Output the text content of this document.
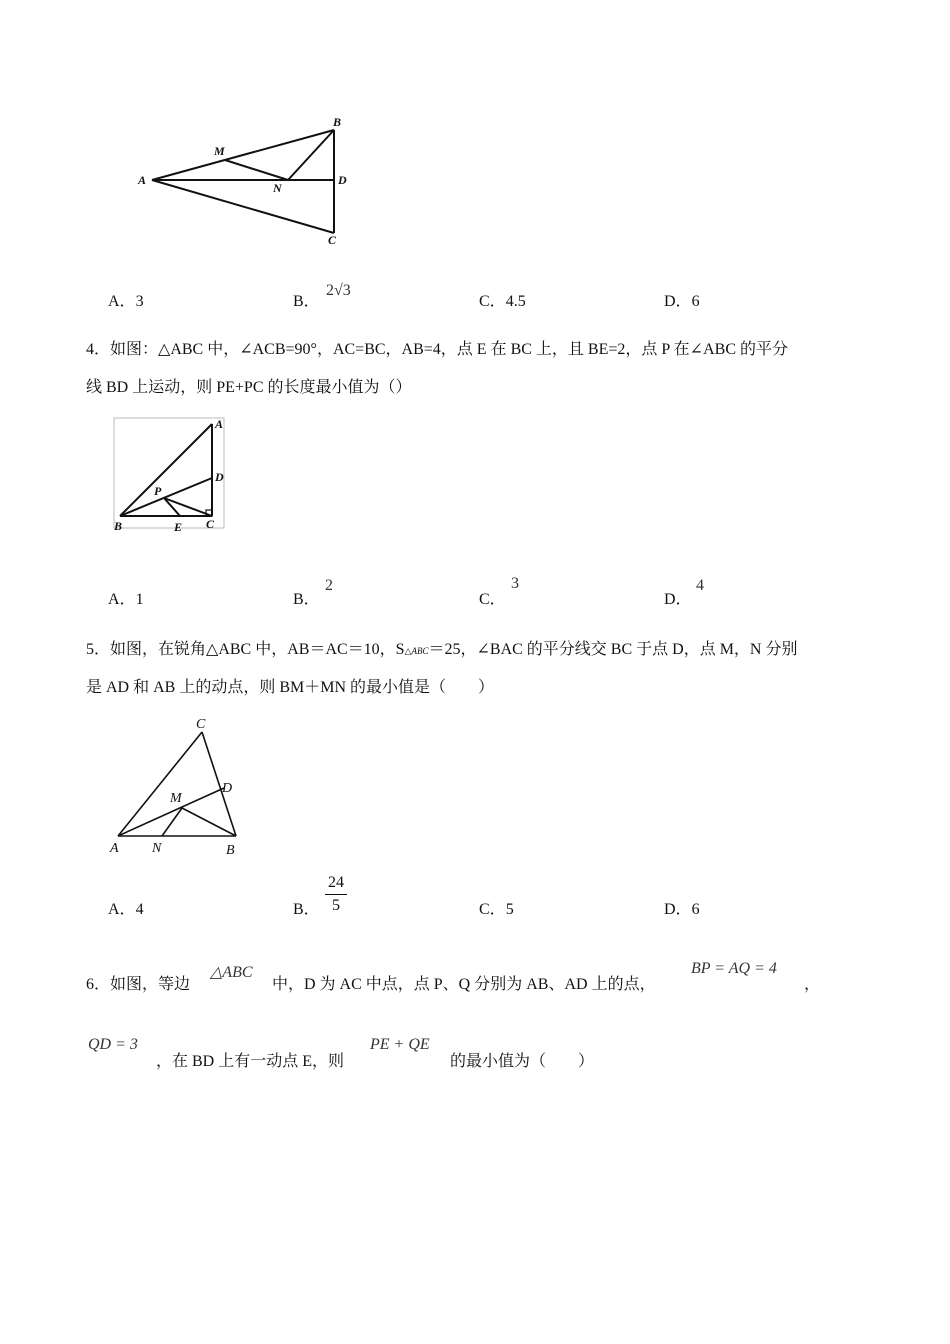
A
B
C
D
M
N
A．3	B．
2√3
C．4.5	D．6
4．如图：△ABC 中，∠ACB=90°，AC=BC，AB=4，点 E 在 BC 上，且 BE=2，点 P 在∠ABC 的平分
线 BD 上运动，则 PE+PC 的长度最小值为（）
A
B	C
D
E
P
A．1	B．
2
C．
3
D．
4
5．如图，在锐角△ABC 中，AB＝AC＝10，S△ABC＝25，∠BAC 的平分线交 BC 于点 D，点 M，N 分别
是 AD 和 AB 上的动点，则 BM＋MN 的最小值是（　　）
A	B
C
D
M
N
A．4	B．
24
5	C．5	D．6
6．如图，等边
△ABC
中，D 为 AC 中点，点 P、Q 分别为 AB、AD 上的点，
BP = AQ = 4
，
QD = 3
，在 BD 上有一动点 E，则
PE + QE
的最小值为（　　）
